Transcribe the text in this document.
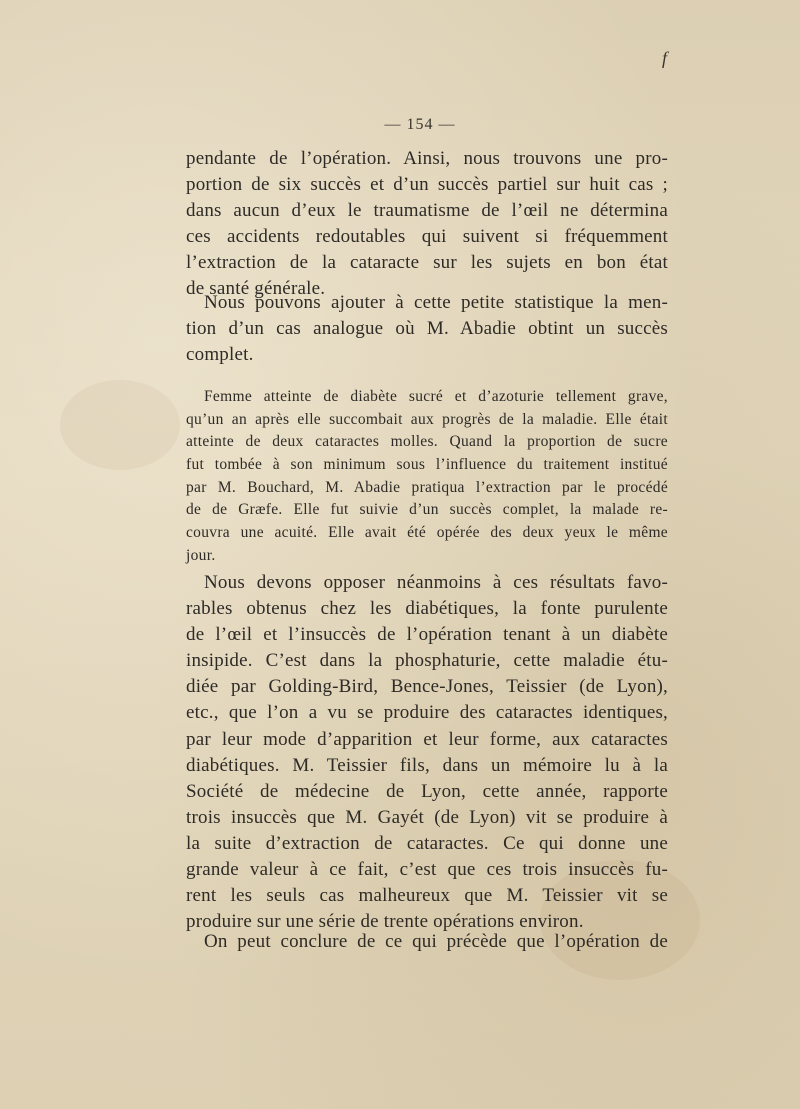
f
— 154 —
pendante de l’opération. Ainsi, nous trouvons une pro-
portion de six succès et d’un succès partiel sur huit cas ;
dans aucun d’eux le traumatisme de l’œil ne détermina
ces accidents redoutables qui suivent si fréquemment
l’extraction de la cataracte sur les sujets en bon état
de santé générale.
Nous pouvons ajouter à cette petite statistique la men-
tion d’un cas analogue où M. Abadie obtint un succès
complet.
Femme atteinte de diabète sucré et d’azoturie tellement grave,
qu’un an après elle succombait aux progrès de la maladie. Elle était
atteinte de deux cataractes molles. Quand la proportion de sucre
fut tombée à son minimum sous l’influence du traitement institué
par M. Bouchard, M. Abadie pratiqua l’extraction par le procédé
de de Græfe. Elle fut suivie d’un succès complet, la malade re-
couvra une acuité. Elle avait été opérée des deux yeux le même
jour.
Nous devons opposer néanmoins à ces résultats favo-
rables obtenus chez les diabétiques, la fonte purulente
de l’œil et l’insuccès de l’opération tenant à un diabète
insipide. C’est dans la phosphaturie, cette maladie étu-
diée par Golding-Bird, Bence-Jones, Teissier (de Lyon),
etc., que l’on a vu se produire des cataractes identiques,
par leur mode d’apparition et leur forme, aux cataractes
diabétiques. M. Teissier fils, dans un mémoire lu à la
Société de médecine de Lyon, cette année, rapporte
trois insuccès que M. Gayét (de Lyon) vit se produire à
la suite d’extraction de cataractes. Ce qui donne une
grande valeur à ce fait, c’est que ces trois insuccès fu-
rent les seuls cas malheureux que M. Teissier vit se
produire sur une série de trente opérations environ.
On peut conclure de ce qui précède que l’opération de
